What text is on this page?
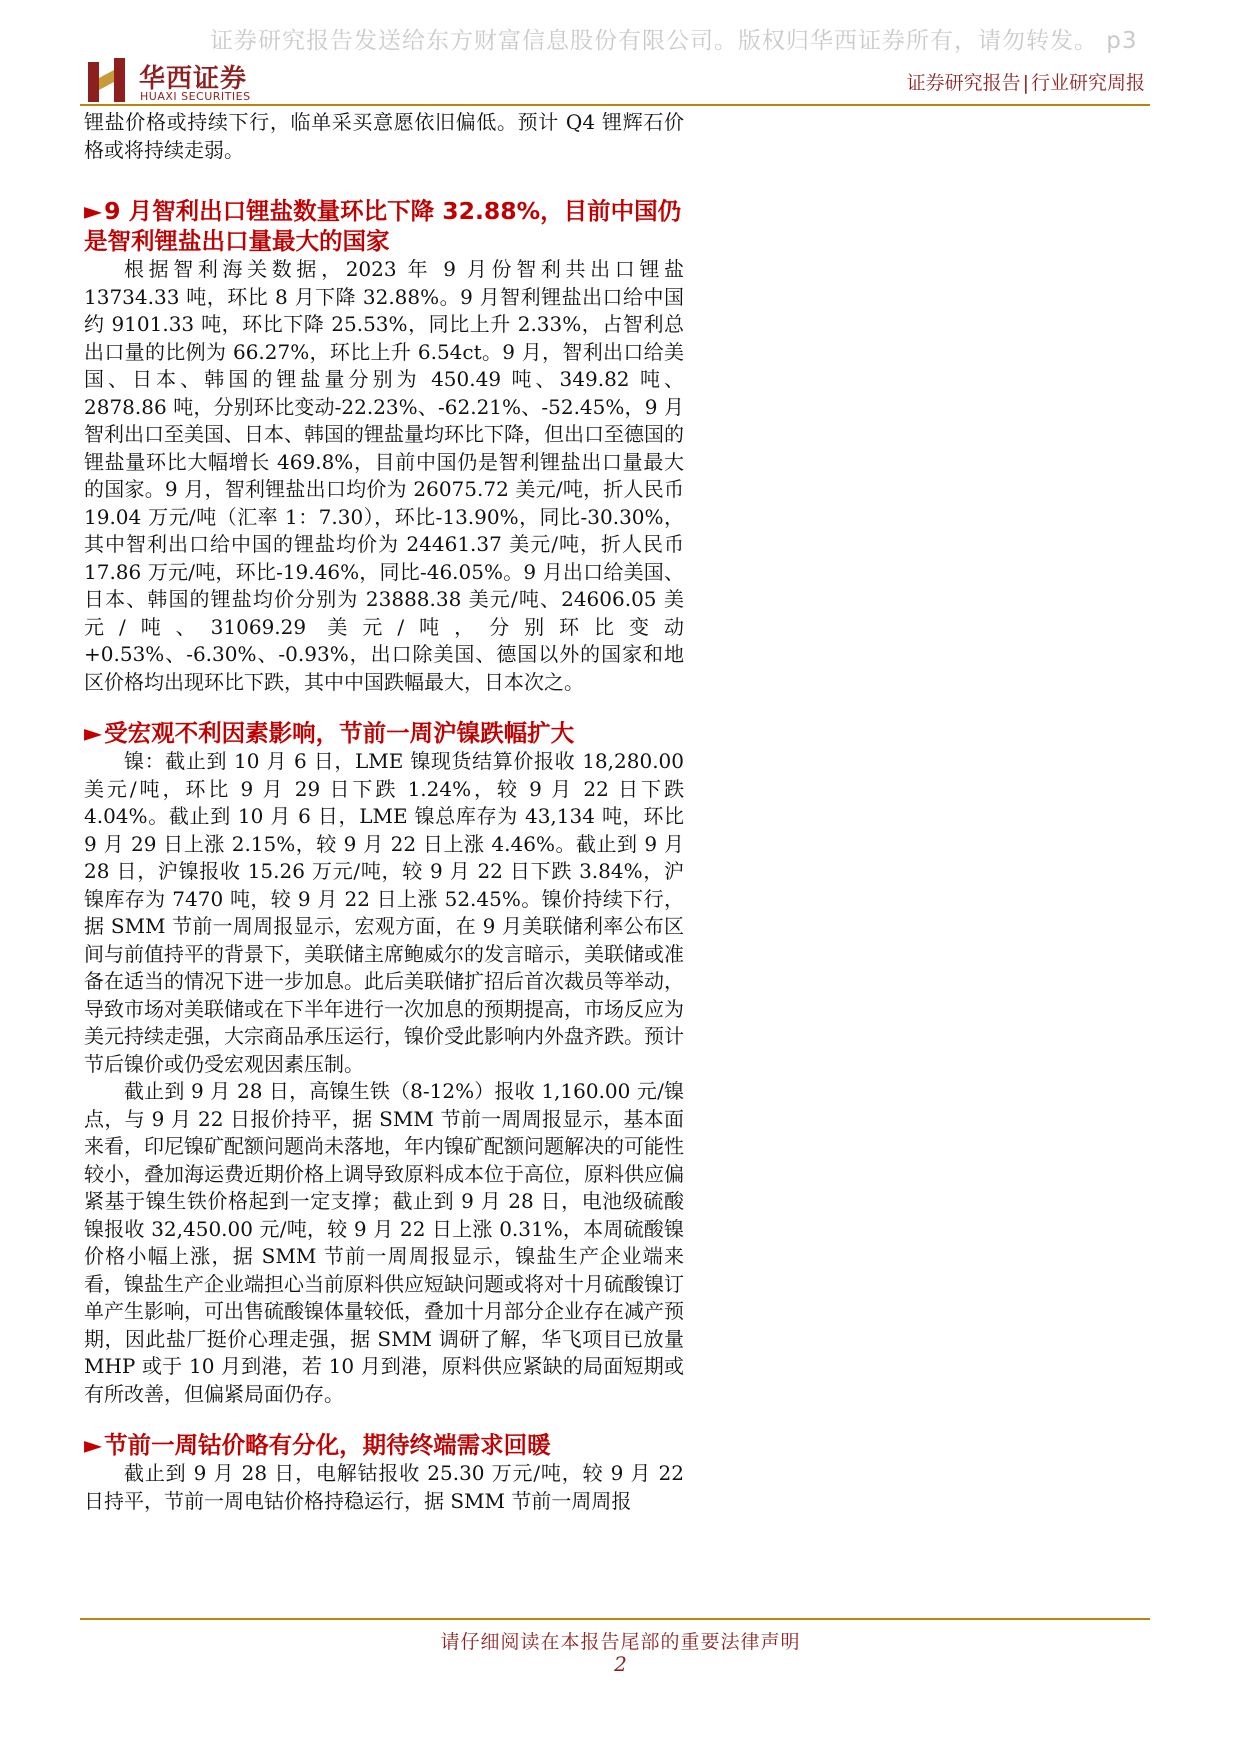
证券研究报告发送给东方财富信息股份有限公司。版权归华西证券所有，请勿转发。 p3
华西证券
HUAXI SECURITIES
证券研究报告 | 行业研究周报

锂盐价格或持续下行，临单采买意愿依旧偏低。预计 Q4 锂辉石价格或将持续走弱。

►9 月智利出口锂盐数量环比下降 32.88%，目前中国仍是智利锂盐出口量最大的国家

根据智利海关数据，2023 年 9 月份智利共出口锂盐 13734.33 吨，环比 8 月下降 32.88%。9 月智利锂盐出口给中国约 9101.33 吨，环比下降 25.53%，同比上升 2.33%，占智利总出口量的比例为 66.27%，环比上升 6.54ct。9 月，智利出口给美国、日本、韩国的锂盐量分别为 450.49 吨、349.82 吨、2878.86 吨，分别环比变动-22.23%、-62.21%、-52.45%，9 月智利出口至美国、日本、韩国的锂盐量均环比下降，但出口至德国的锂盐量环比大幅增长 469.8%，目前中国仍是智利锂盐出口量最大的国家。9 月，智利锂盐出口均价为 26075.72 美元/吨，折人民币 19.04 万元/吨（汇率 1：7.30），环比-13.90%，同比-30.30%，其中智利出口给中国的锂盐均价为 24461.37 美元/吨，折人民币 17.86 万元/吨，环比-19.46%，同比-46.05%。9 月出口给美国、日本、韩国的锂盐均价分别为 23888.38 美元/吨、24606.05 美元/吨、31069.29 美元/吨，分别环比变动+0.53%、-6.30%、-0.93%，出口除美国、德国以外的国家和地区价格均出现环比下跌，其中中国跌幅最大，日本次之。

►受宏观不利因素影响，节前一周沪镍跌幅扩大

镍：截止到 10 月 6 日，LME 镍现货结算价报收 18,280.00 美元/吨，环比 9 月 29 日下跌 1.24%，较 9 月 22 日下跌 4.04%。截止到 10 月 6 日，LME 镍总库存为 43,134 吨，环比 9 月 29 日上涨 2.15%，较 9 月 22 日上涨 4.46%。截止到 9 月 28 日，沪镍报收 15.26 万元/吨，较 9 月 22 日下跌 3.84%，沪镍库存为 7470 吨，较 9 月 22 日上涨 52.45%。镍价持续下行，据 SMM 节前一周周报显示，宏观方面，在 9 月美联储利率公布区间与前值持平的背景下，美联储主席鲍威尔的发言暗示，美联储或准备在适当的情况下进一步加息。此后美联储扩招后首次裁员等举动，导致市场对美联储或在下半年进行一次加息的预期提高，市场反应为美元持续走强，大宗商品承压运行，镍价受此影响内外盘齐跌。预计节后镍价或仍受宏观因素压制。

截止到 9 月 28 日，高镍生铁（8-12%）报收 1,160.00 元/镍点，与 9 月 22 日报价持平，据 SMM 节前一周周报显示，基本面来看，印尼镍矿配额问题尚未落地，年内镍矿配额问题解决的可能性较小，叠加海运费近期价格上调导致原料成本位于高位，原料供应偏紧基于镍生铁价格起到一定支撑；截止到 9 月 28 日，电池级硫酸镍报收 32,450.00 元/吨，较 9 月 22 日上涨 0.31%，本周硫酸镍价格小幅上涨，据 SMM 节前一周周报显示，镍盐生产企业端来看，镍盐生产企业端担心当前原料供应短缺问题或将对十月硫酸镍订单产生影响，可出售硫酸镍体量较低，叠加十月部分企业存在减产预期，因此盐厂挺价心理走强，据 SMM 调研了解，华飞项目已放量 MHP 或于 10 月到港，若 10 月到港，原料供应紧缺的局面短期或有所改善，但偏紧局面仍存。

►节前一周钴价略有分化，期待终端需求回暖

截止到 9 月 28 日，电解钴报收 25.30 万元/吨，较 9 月 22 日持平，节前一周电钴价格持稳运行，据 SMM 节前一周周报

请仔细阅读在本报告尾部的重要法律声明
2
